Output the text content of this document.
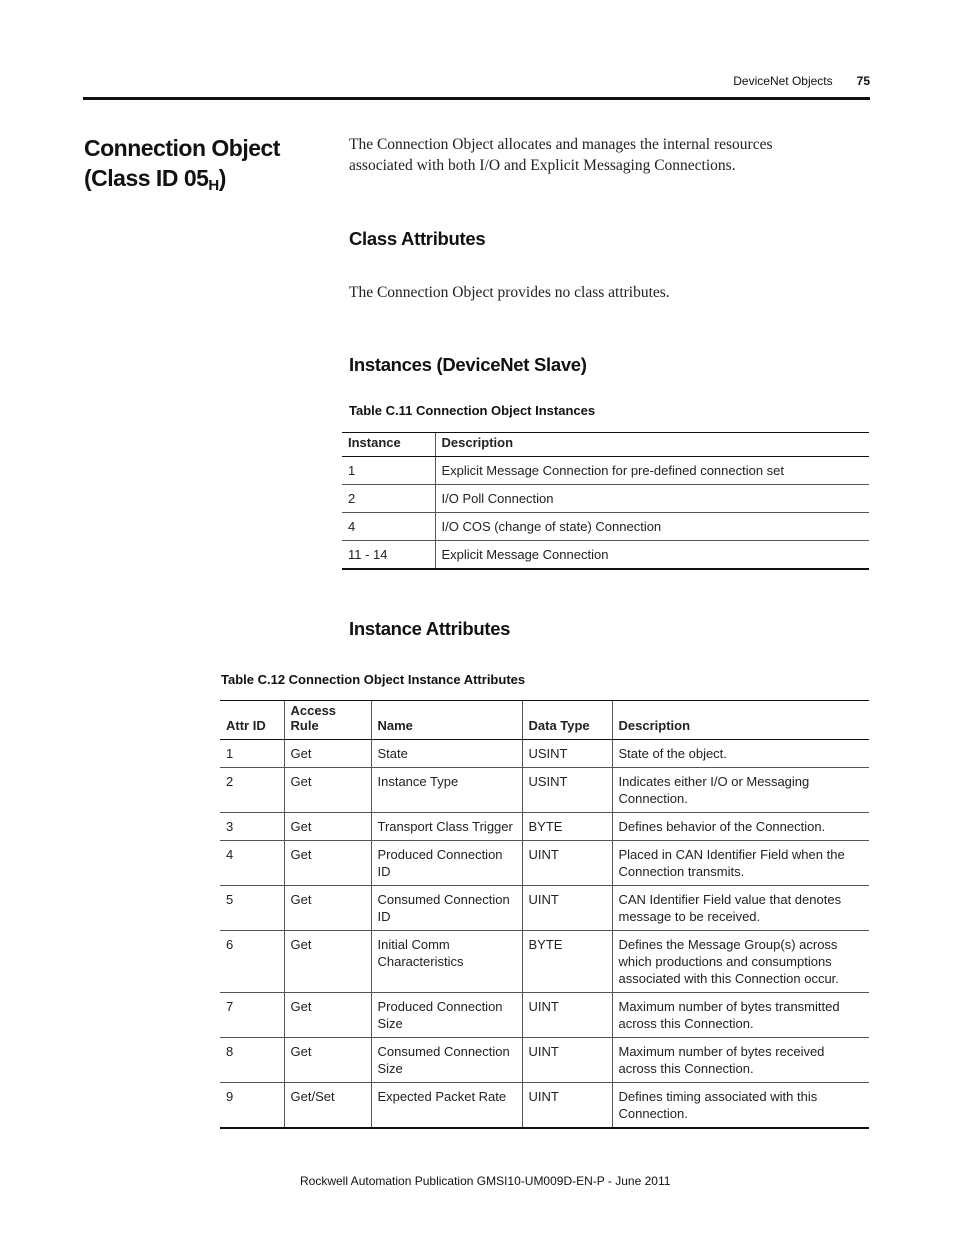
DeviceNet Objects 75
Connection Object
(Class ID $05_H$)
The Connection Object allocates and manages the internal resources associated with both I/O and Explicit Messaging Connections.
Class Attributes
The Connection Object provides no class attributes.
Instances (DeviceNet Slave)
Table C.11 Connection Object Instances
Instance	Description
1	Explicit Message Connection for pre-defined connection set
2	I/O Poll Connection
4	I/O COS (change of state) Connection
11 - 14	Explicit Message Connection
Instance Attributes
Table C.12 Connection Object Instance Attributes
Attr ID	Access Rule	Name	Data Type	Description
1	Get	State	USINT	State of the object.
2	Get	Instance Type	USINT	Indicates either I/O or Messaging Connection.
3	Get	Transport Class Trigger	BYTE	Defines behavior of the Connection.
4	Get	Produced Connection ID	UINT	Placed in CAN Identifier Field when the Connection transmits.
5	Get	Consumed Connection ID	UINT	CAN Identifier Field value that denotes message to be received.
6	Get	Initial Comm Characteristics	BYTE	Defines the Message Group(s) across which productions and consumptions associated with this Connection occur.
7	Get	Produced Connection Size	UINT	Maximum number of bytes transmitted across this Connection.
8	Get	Consumed Connection Size	UINT	Maximum number of bytes received across this Connection.
9	Get/Set	Expected Packet Rate	UINT	Defines timing associated with this Connection.
Rockwell Automation Publication GMSI10-UM009D-EN-P - June 2011
